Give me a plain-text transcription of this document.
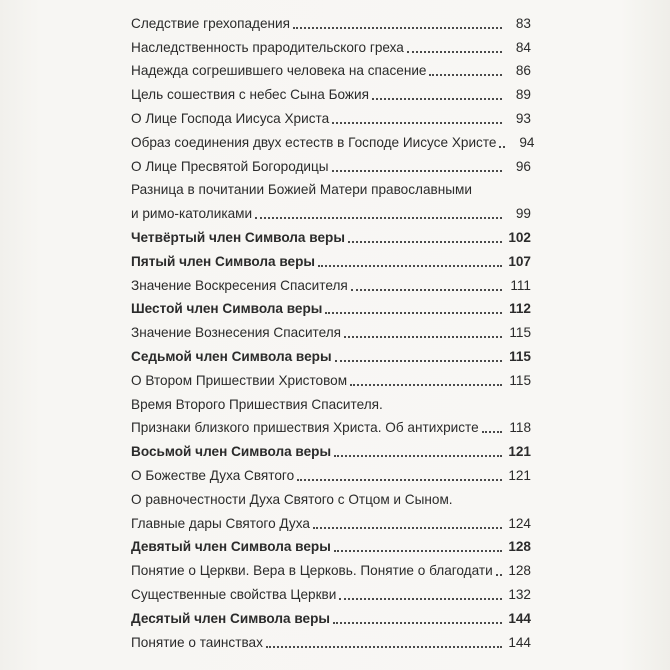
Следствие грехопадения	83
Наследственность прародительского греха	84
Надежда согрешившего человека на спасение	86
Цель сошествия с небес Сына Божия	89
О Лице Господа Иисуса Христа	93
Образ соединения двух естеств в Господе Иисусе Христе	94
О Лице Пресвятой Богородицы	96
Разница в почитании Божией Матери православными
и римо-католиками	99
Четвёртый член Символа веры	102
Пятый член Символа веры	107
Значение Воскресения Спасителя	111
Шестой член Символа веры	112
Значение Вознесения Спасителя	115
Седьмой член Символа веры	115
О Втором Пришествии Христовом	115
Время Второго Пришествия Спасителя.
Признаки близкого пришествия Христа. Об антихристе	118
Восьмой член Символа веры	121
О Божестве Духа Святого	121
О равночестности Духа Святого с Отцом и Сыном.
Главные дары Святого Духа	124
Девятый член Символа веры	128
Понятие о Церкви. Вера в Церковь. Понятие о благодати 128
Существенные свойства Церкви	132
Десятый член Символа веры	144
Понятие о таинствах	144
